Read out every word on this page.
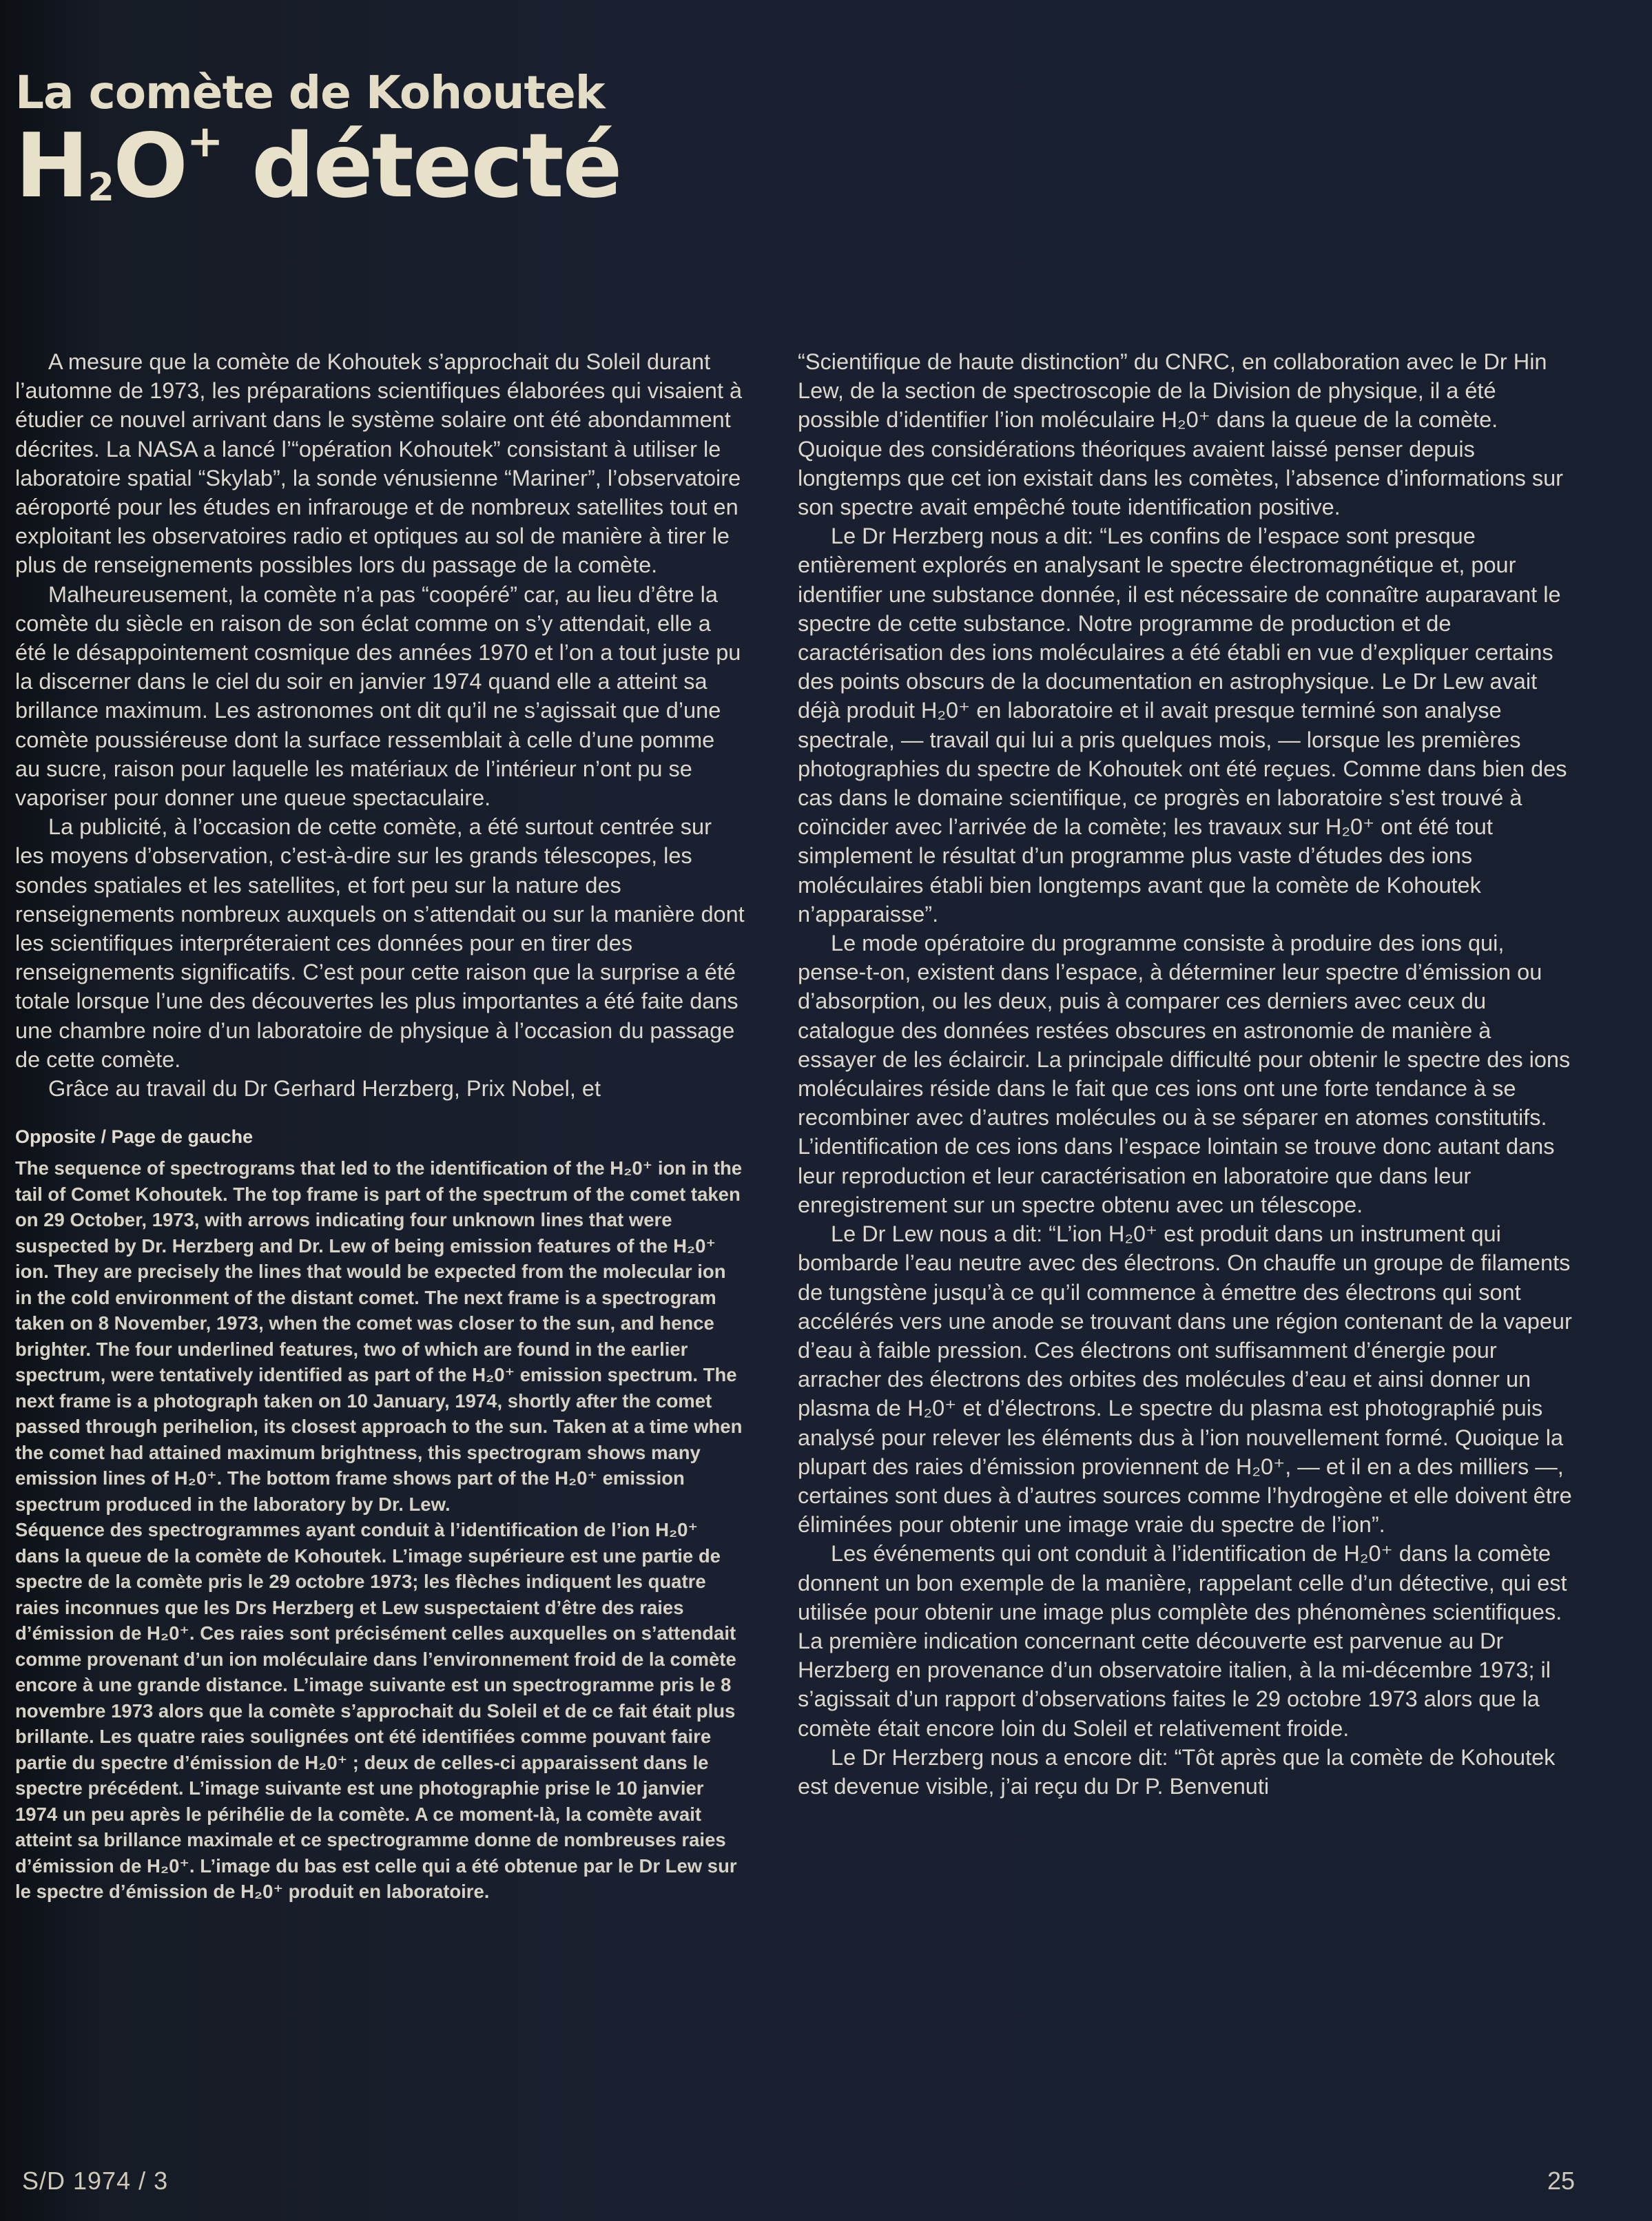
La comète de Kohoutek

$H_2O^+$ détecté

A mesure que la comète de Kohoutek s’approchait du Soleil durant l’automne de 1973, les préparations scientifiques élaborées qui visaient à étudier ce nouvel arrivant dans le système solaire ont été abondamment décrites. La NASA a lancé l’“opération Kohoutek” consistant à utiliser le laboratoire spatial “Skylab”, la sonde vénusienne “Mariner”, l’observatoire aéroporté pour les études en infrarouge et de nombreux satellites tout en exploitant les observatoires radio et optiques au sol de manière à tirer le plus de renseignements possibles lors du passage de la comète.

Malheureusement, la comète n’a pas “coopéré” car, au lieu d’être la comète du siècle en raison de son éclat comme on s’y attendait, elle a été le désappointement cosmique des années 1970 et l’on a tout juste pu la discerner dans le ciel du soir en janvier 1974 quand elle a atteint sa brillance maximum. Les astronomes ont dit qu’il ne s’agissait que d’une comète poussiéreuse dont la surface ressemblait à celle d’une pomme au sucre, raison pour laquelle les matériaux de l’intérieur n’ont pu se vaporiser pour donner une queue spectaculaire.

La publicité, à l’occasion de cette comète, a été surtout centrée sur les moyens d’observation, c’est-à-dire sur les grands télescopes, les sondes spatiales et les satellites, et fort peu sur la nature des renseignements nombreux auxquels on s’attendait ou sur la manière dont les scientifiques interpréteraient ces données pour en tirer des renseignements significatifs. C’est pour cette raison que la surprise a été totale lorsque l’une des découvertes les plus importantes a été faite dans une chambre noire d’un laboratoire de physique à l’occasion du passage de cette comète.

Grâce au travail du Dr Gerhard Herzberg, Prix Nobel, et

Opposite / Page de gauche

The sequence of spectrograms that led to the identification of the H₂0⁺ ion in the tail of Comet Kohoutek. The top frame is part of the spectrum of the comet taken on 29 October, 1973, with arrows indicating four unknown lines that were suspected by Dr. Herzberg and Dr. Lew of being emission features of the H₂0⁺ ion. They are precisely the lines that would be expected from the molecular ion in the cold environment of the distant comet. The next frame is a spectrogram taken on 8 November, 1973, when the comet was closer to the sun, and hence brighter. The four underlined features, two of which are found in the earlier spectrum, were tentatively identified as part of the H₂0⁺ emission spectrum. The next frame is a photograph taken on 10 January, 1974, shortly after the comet passed through perihelion, its closest approach to the sun. Taken at a time when the comet had attained maximum brightness, this spectrogram shows many emission lines of H₂0⁺. The bottom frame shows part of the H₂0⁺ emission spectrum produced in the laboratory by Dr. Lew.

Séquence des spectrogrammes ayant conduit à l’identification de l’ion H₂0⁺ dans la queue de la comète de Kohoutek. L’image supérieure est une partie de spectre de la comète pris le 29 octobre 1973; les flèches indiquent les quatre raies inconnues que les Drs Herzberg et Lew suspectaient d’être des raies d’émission de H₂0⁺. Ces raies sont précisément celles auxquelles on s’attendait comme provenant d’un ion moléculaire dans l’environnement froid de la comète encore à une grande distance. L’image suivante est un spectrogramme pris le 8 novembre 1973 alors que la comète s’approchait du Soleil et de ce fait était plus brillante. Les quatre raies soulignées ont été identifiées comme pouvant faire partie du spectre d’émission de H₂0⁺ ; deux de celles-ci apparaissent dans le spectre précédent. L’image suivante est une photographie prise le 10 janvier 1974 un peu après le périhélie de la comète. A ce moment-là, la comète avait atteint sa brillance maximale et ce spectrogramme donne de nombreuses raies d’émission de H₂0⁺. L’image du bas est celle qui a été obtenue par le Dr Lew sur le spectre d’émission de H₂0⁺ produit en laboratoire.

“Scientifique de haute distinction” du CNRC, en collaboration avec le Dr Hin Lew, de la section de spectroscopie de la Division de physique, il a été possible d’identifier l’ion moléculaire H₂0⁺ dans la queue de la comète. Quoique des considérations théoriques avaient laissé penser depuis longtemps que cet ion existait dans les comètes, l’absence d’informations sur son spectre avait empêché toute identification positive.

Le Dr Herzberg nous a dit: “Les confins de l’espace sont presque entièrement explorés en analysant le spectre électromagnétique et, pour identifier une substance donnée, il est nécessaire de connaître auparavant le spectre de cette substance. Notre programme de production et de caractérisation des ions moléculaires a été établi en vue d’expliquer certains des points obscurs de la documentation en astrophysique. Le Dr Lew avait déjà produit H₂0⁺ en laboratoire et il avait presque terminé son analyse spectrale, — travail qui lui a pris quelques mois, — lorsque les premières photographies du spectre de Kohoutek ont été reçues. Comme dans bien des cas dans le domaine scientifique, ce progrès en laboratoire s’est trouvé à coïncider avec l’arrivée de la comète; les travaux sur H₂0⁺ ont été tout simplement le résultat d’un programme plus vaste d’études des ions moléculaires établi bien longtemps avant que la comète de Kohoutek n’apparaisse”.

Le mode opératoire du programme consiste à produire des ions qui, pense-t-on, existent dans l’espace, à déterminer leur spectre d’émission ou d’absorption, ou les deux, puis à comparer ces derniers avec ceux du catalogue des données restées obscures en astronomie de manière à essayer de les éclaircir. La principale difficulté pour obtenir le spectre des ions moléculaires réside dans le fait que ces ions ont une forte tendance à se recombiner avec d’autres molécules ou à se séparer en atomes constitutifs. L’identification de ces ions dans l’espace lointain se trouve donc autant dans leur reproduction et leur caractérisation en laboratoire que dans leur enregistrement sur un spectre obtenu avec un télescope.

Le Dr Lew nous a dit: “L’ion H₂0⁺ est produit dans un instrument qui bombarde l’eau neutre avec des électrons. On chauffe un groupe de filaments de tungstène jusqu’à ce qu’il commence à émettre des électrons qui sont accélérés vers une anode se trouvant dans une région contenant de la vapeur d’eau à faible pression. Ces électrons ont suffisamment d’énergie pour arracher des électrons des orbites des molécules d’eau et ainsi donner un plasma de H₂0⁺ et d’électrons. Le spectre du plasma est photographié puis analysé pour relever les éléments dus à l’ion nouvellement formé. Quoique la plupart des raies d’émission proviennent de H₂0⁺, — et il en a des milliers —, certaines sont dues à d’autres sources comme l’hydrogène et elle doivent être éliminées pour obtenir une image vraie du spectre de l’ion”.

Les événements qui ont conduit à l’identification de H₂0⁺ dans la comète donnent un bon exemple de la manière, rappelant celle d’un détective, qui est utilisée pour obtenir une image plus complète des phénomènes scientifiques. La première indication concernant cette découverte est parvenue au Dr Herzberg en provenance d’un observatoire italien, à la mi-décembre 1973; il s’agissait d’un rapport d’observations faites le 29 octobre 1973 alors que la comète était encore loin du Soleil et relativement froide.

Le Dr Herzberg nous a encore dit: “Tôt après que la comète de Kohoutek est devenue visible, j’ai reçu du Dr P. Benvenuti

S/D 1974 / 3	25
